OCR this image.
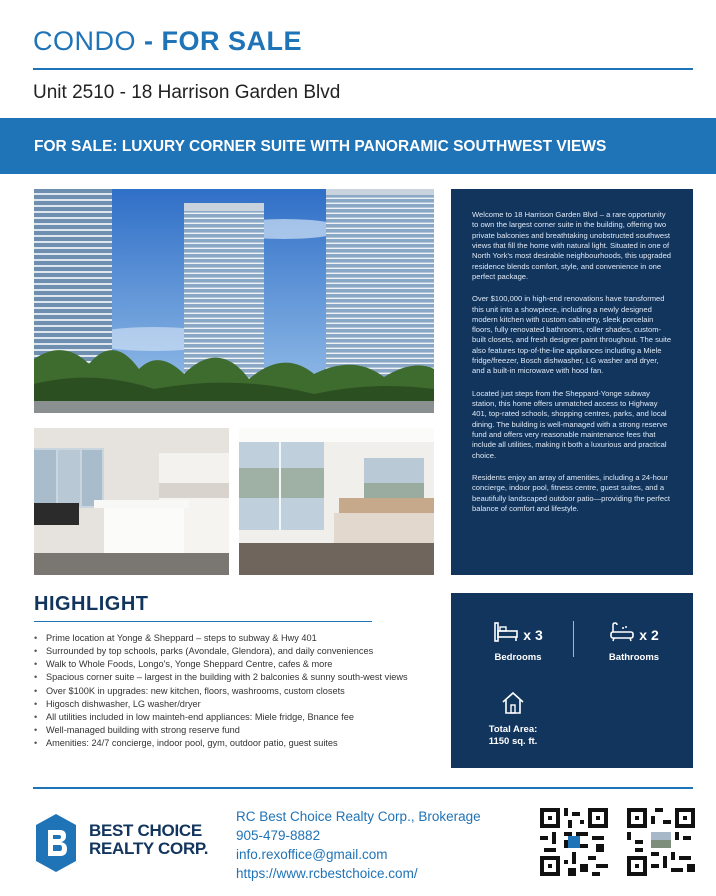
CONDO - FOR SALE
Unit 2510 - 18 Harrison Garden Blvd
FOR SALE: LUXURY CORNER SUITE WITH PANORAMIC SOUTHWEST VIEWS

Welcome to 18 Harrison Garden Blvd – a rare opportunity to own the largest corner suite in the building, offering two private balconies and breathtaking unobstructed southwest views that fill the home with natural light. Situated in one of North York's most desirable neighbourhoods, this upgraded residence blends comfort, style, and convenience in one perfect package.

Over $100,000 in high-end renovations have transformed this unit into a showpiece, including a newly designed modern kitchen with custom cabinetry, sleek porcelain floors, fully renovated bathrooms, roller shades, custom-built closets, and fresh designer paint throughout. The suite also features top-of-the-line appliances including a Miele fridge/freezer, Bosch dishwasher, LG washer and dryer, and a built-in microwave with hood fan.

Located just steps from the Sheppard-Yonge subway station, this home offers unmatched access to Highway 401, top-rated schools, shopping centres, parks, and local dining. The building is well-managed with a strong reserve fund and offers very reasonable maintenance fees that include all utilities, making it both a luxurious and practical choice.

Residents enjoy an array of amenities, including a 24-hour concierge, indoor pool, fitness centre, guest suites, and a beautifully landscaped outdoor patio—providing the perfect balance of comfort and lifestyle.

HIGHLIGHT
• Prime location at Yonge & Sheppard – steps to subway & Hwy 401
• Surrounded by top schools, parks (Avondale, Glendora), and daily conveniences
• Walk to Whole Foods, Longo's, Yonge Sheppard Centre, cafes & more
• Spacious corner suite – largest in the building with 2 balconies & sunny south-west views
• Over $100K in upgrades: new kitchen, floors, washrooms, custom closets
• Higosch dishwasher, LG washer/dryer
• All utilities included in low mainteh-end appliances: Miele fridge, Bnance fee
• Well-managed building with strong reserve fund
• Amenities: 24/7 concierge, indoor pool, gym, outdoor patio, guest suites
x 3
Bedrooms
x 2
Bathrooms
Total Area:
1150 sq. ft.
BEST CHOICE
REALTY CORP.
RC Best Choice Realty Corp., Brokerage
905-479-8882
info.rexoffice@gmail.com
https://www.rcbestchoice.com/
